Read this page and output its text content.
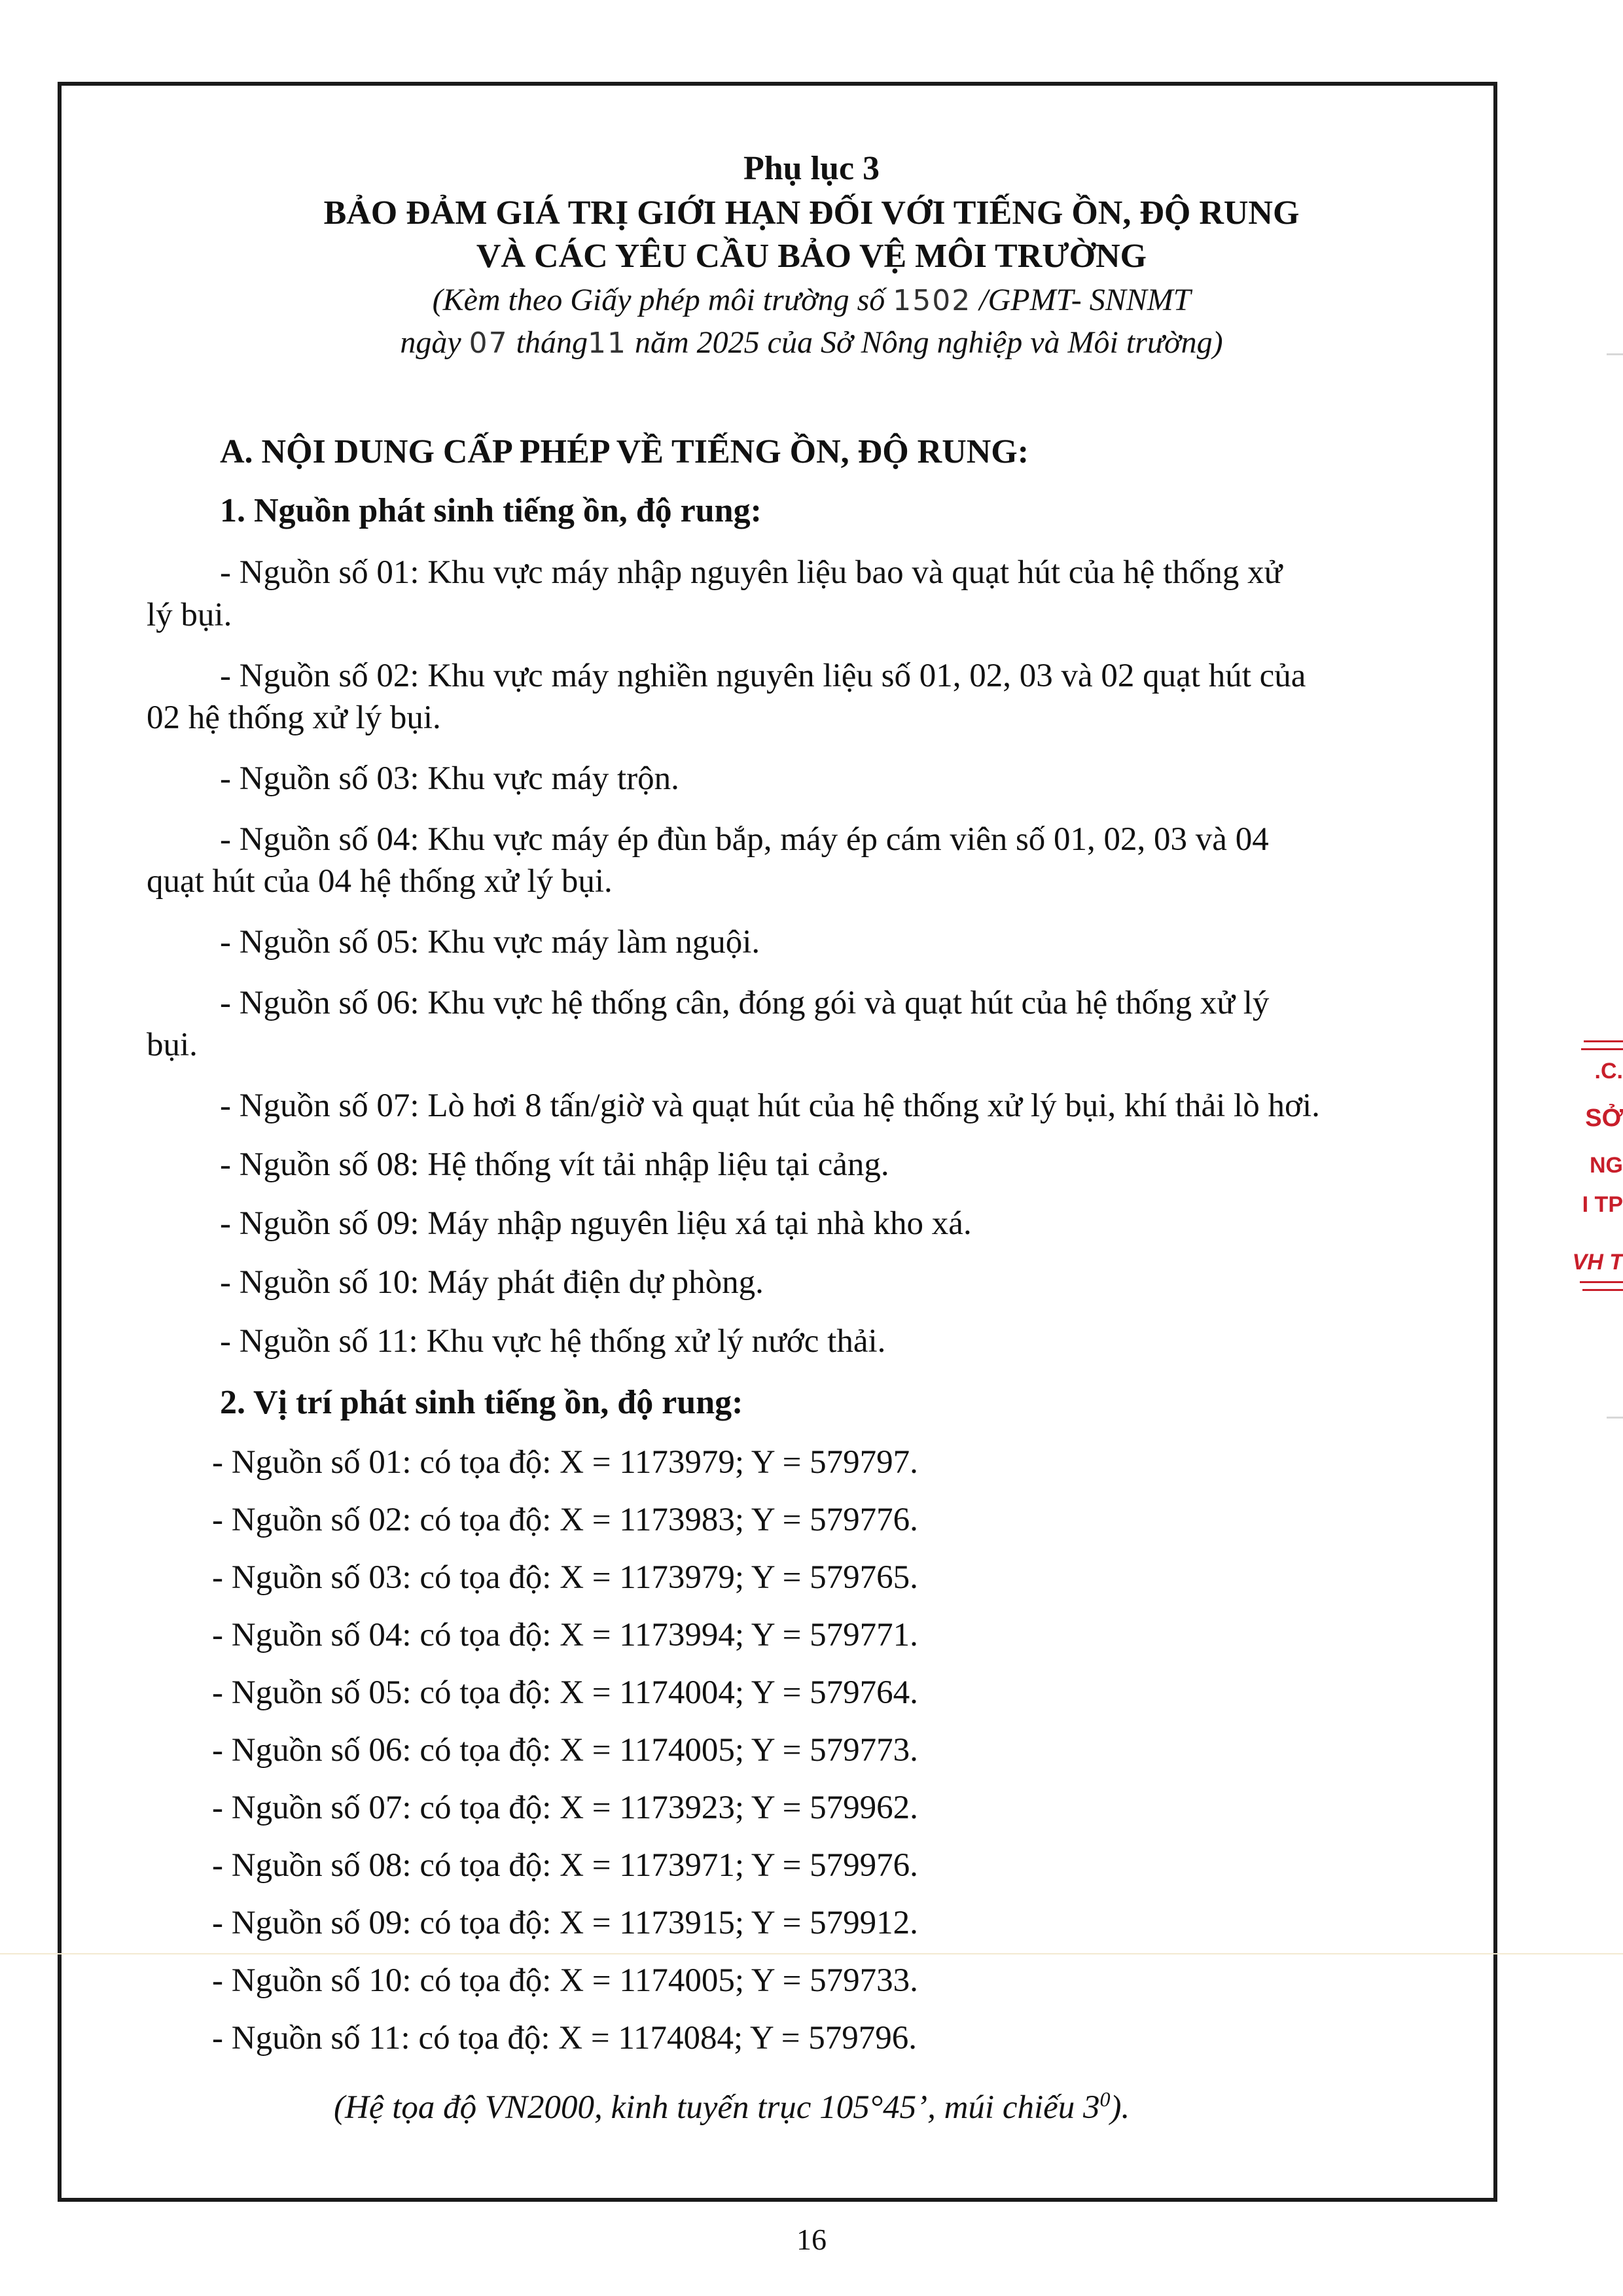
Phụ lục 3
BẢO ĐẢM GIÁ TRỊ GIỚI HẠN ĐỐI VỚI TIẾNG ỒN, ĐỘ RUNG
VÀ CÁC YÊU CẦU BẢO VỆ MÔI TRƯỜNG
(Kèm theo Giấy phép môi trường số 1502 /GPMT- SNNMT
ngày 07 tháng11 năm 2025 của Sở Nông nghiệp và Môi trường)
A. NỘI DUNG CẤP PHÉP VỀ TIẾNG ỒN, ĐỘ RUNG:
1. Nguồn phát sinh tiếng ồn, độ rung:
- Nguồn số 01: Khu vực máy nhập nguyên liệu bao và quạt hút của hệ thống xử
lý bụi.
- Nguồn số 02: Khu vực máy nghiền nguyên liệu số 01, 02, 03 và 02 quạt hút của
02 hệ thống xử lý bụi.
- Nguồn số 03: Khu vực máy trộn.
- Nguồn số 04: Khu vực máy ép đùn bắp, máy ép cám viên số 01, 02, 03 và 04
quạt hút của 04 hệ thống xử lý bụi.
- Nguồn số 05: Khu vực máy làm nguội.
- Nguồn số 06: Khu vực hệ thống cân, đóng gói và quạt hút của hệ thống xử lý
bụi.
- Nguồn số 07: Lò hơi 8 tấn/giờ và quạt hút của hệ thống xử lý bụi, khí thải lò hơi.
- Nguồn số 08: Hệ thống vít tải nhập liệu tại cảng.
- Nguồn số 09: Máy nhập nguyên liệu xá tại nhà kho xá.
- Nguồn số 10: Máy phát điện dự phòng.
- Nguồn số 11: Khu vực hệ thống xử lý nước thải.
2. Vị trí phát sinh tiếng ồn, độ rung:
- Nguồn số 01: có tọa độ: X = 1173979; Y = 579797.
- Nguồn số 02: có tọa độ: X = 1173983; Y = 579776.
- Nguồn số 03: có tọa độ: X = 1173979; Y = 579765.
- Nguồn số 04: có tọa độ: X = 1173994; Y = 579771.
- Nguồn số 05: có tọa độ: X = 1174004; Y = 579764.
- Nguồn số 06: có tọa độ: X = 1174005; Y = 579773.
- Nguồn số 07: có tọa độ: X = 1173923; Y = 579962.
- Nguồn số 08: có tọa độ: X = 1173971; Y = 579976.
- Nguồn số 09: có tọa độ: X = 1173915; Y = 579912.
- Nguồn số 10: có tọa độ: X = 1174005; Y = 579733.
- Nguồn số 11: có tọa độ: X = 1174084; Y = 579796.
(Hệ tọa độ VN2000, kinh tuyến trục 105°45’, múi chiếu $3^0$).
16
.C.
SỞ
NG
I TP
VH T
